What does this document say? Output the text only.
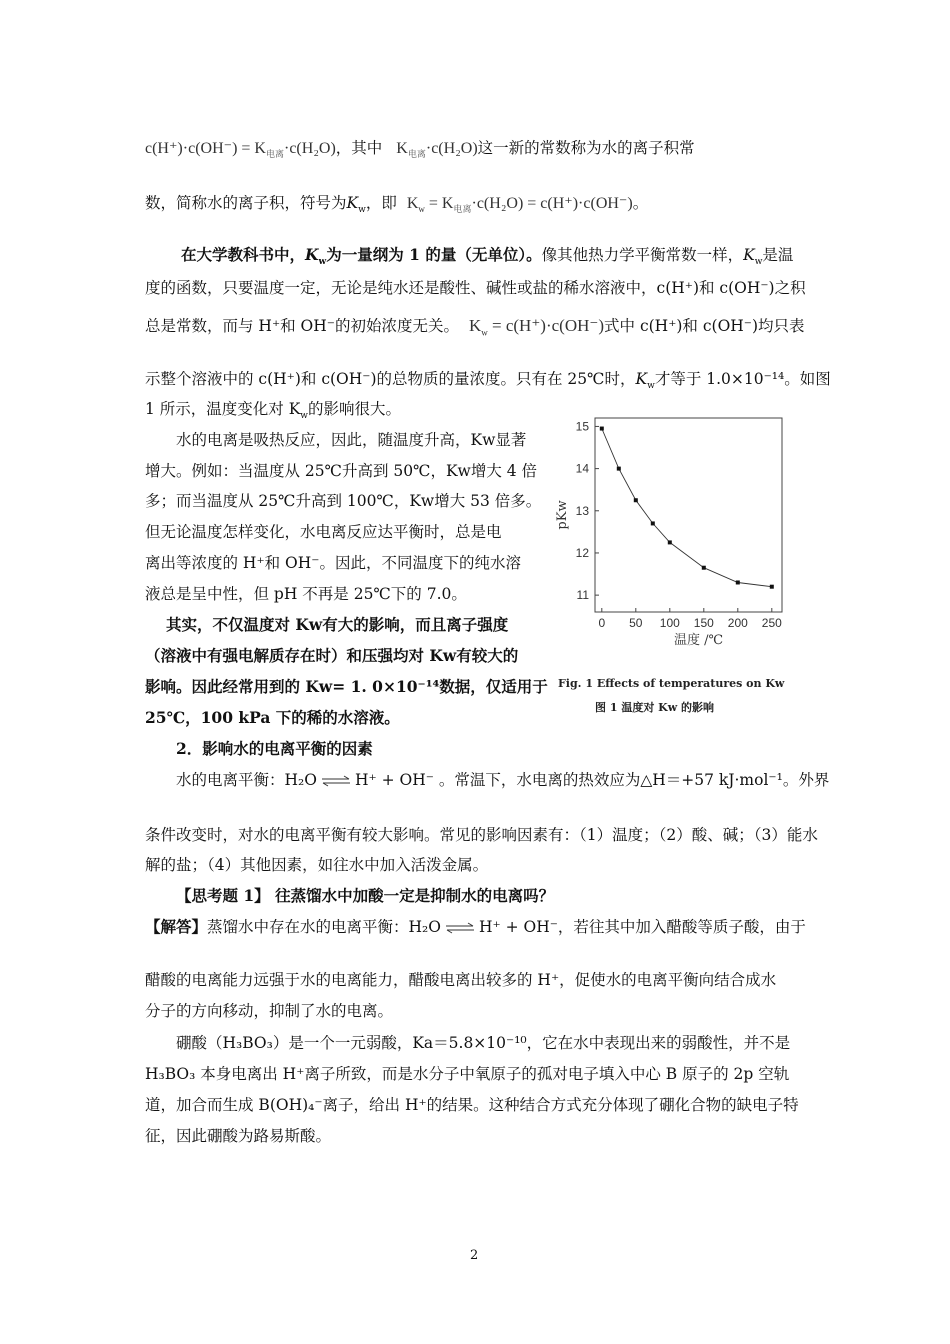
$c(H^+)\cdot c(OH^-) = K_{电离}\cdot c(H_2O)$，其中 $K_{电离}\cdot c(H_2O)$这一新的常数称为水的离子积常
数，简称水的离子积，符号为$K_w$，即 $K_w = K_{电离}\cdot c(H_2O) = c(H^+)\cdot c(OH^-)$。
在大学教科书中，$K_w$为一量纲为 1 的量（无单位）。像其他热力学平衡常数一样，$K_w$是温
度的函数，只要温度一定，无论是纯水还是酸性、碱性或盐的稀水溶液中，c(H⁺)和 c(OH⁻)之积
总是常数，而与 H⁺和 OH⁻的初始浓度无关。 $K_w = c(H^+)\cdot c(OH^-)$式中 c(H⁺)和 c(OH⁻)均只表
示整个溶液中的 c(H⁺)和 c(OH⁻)的总物质的量浓度。只有在 25℃时，$K_w$才等于 1.0×10⁻¹⁴。如图
1 所示，温度变化对 $K_w$的影响很大。
水的电离是吸热反应，因此，随温度升高，Kw显著
增大。例如：当温度从 25℃升高到 50℃，Kw增大 4 倍
多；而当温度从 25℃升高到 100℃，Kw增大 53 倍多。
但无论温度怎样变化，水电离反应达平衡时，总是电
离出等浓度的 H⁺和 OH⁻。因此，不同温度下的纯水溶
液总是呈中性，但 pH 不再是 25℃下的 7.0。
其实，不仅温度对 Kw有大的影响，而且离子强度
（溶液中有强电解质存在时）和压强均对 Kw有较大的
影响。因此经常用到的 Kw= 1. 0×10⁻¹⁴数据，仅适用于
25℃，100 kPa 下的稀的水溶液。
11
12
13
14
15
0 50 100 150 200 250
温度 /℃
pKw
Fig. 1 Effects of temperatures on Kw
图 1 温度对 Kw 的影响
2．影响水的电离平衡的因素
水的电离平衡：H₂O ⇌ H⁺ + OH⁻ 。常温下，水电离的热效应为△H＝+57 kJ·mol⁻¹。外界
条件改变时，对水的电离平衡有较大影响。常见的影响因素有：（1）温度；（2）酸、碱；（3）能水
解的盐；（4）其他因素，如往水中加入活泼金属。
【思考题 1】 往蒸馏水中加酸一定是抑制水的电离吗？
【解答】蒸馏水中存在水的电离平衡：H₂O ⇌ H⁺ + OH⁻，若往其中加入醋酸等质子酸，由于
醋酸的电离能力远强于水的电离能力，醋酸电离出较多的 H⁺，促使水的电离平衡向结合成水
分子的方向移动，抑制了水的电离。
硼酸（H₃BO₃）是一个一元弱酸，Ka＝5.8×10⁻¹⁰，它在水中表现出来的弱酸性，并不是
H₃BO₃ 本身电离出 H⁺离子所致，而是水分子中氧原子的孤对电子填入中心 B 原子的 2p 空轨
道，加合而生成 B(OH)₄⁻离子，给出 H⁺的结果。这种结合方式充分体现了硼化合物的缺电子特
征，因此硼酸为路易斯酸。
2
